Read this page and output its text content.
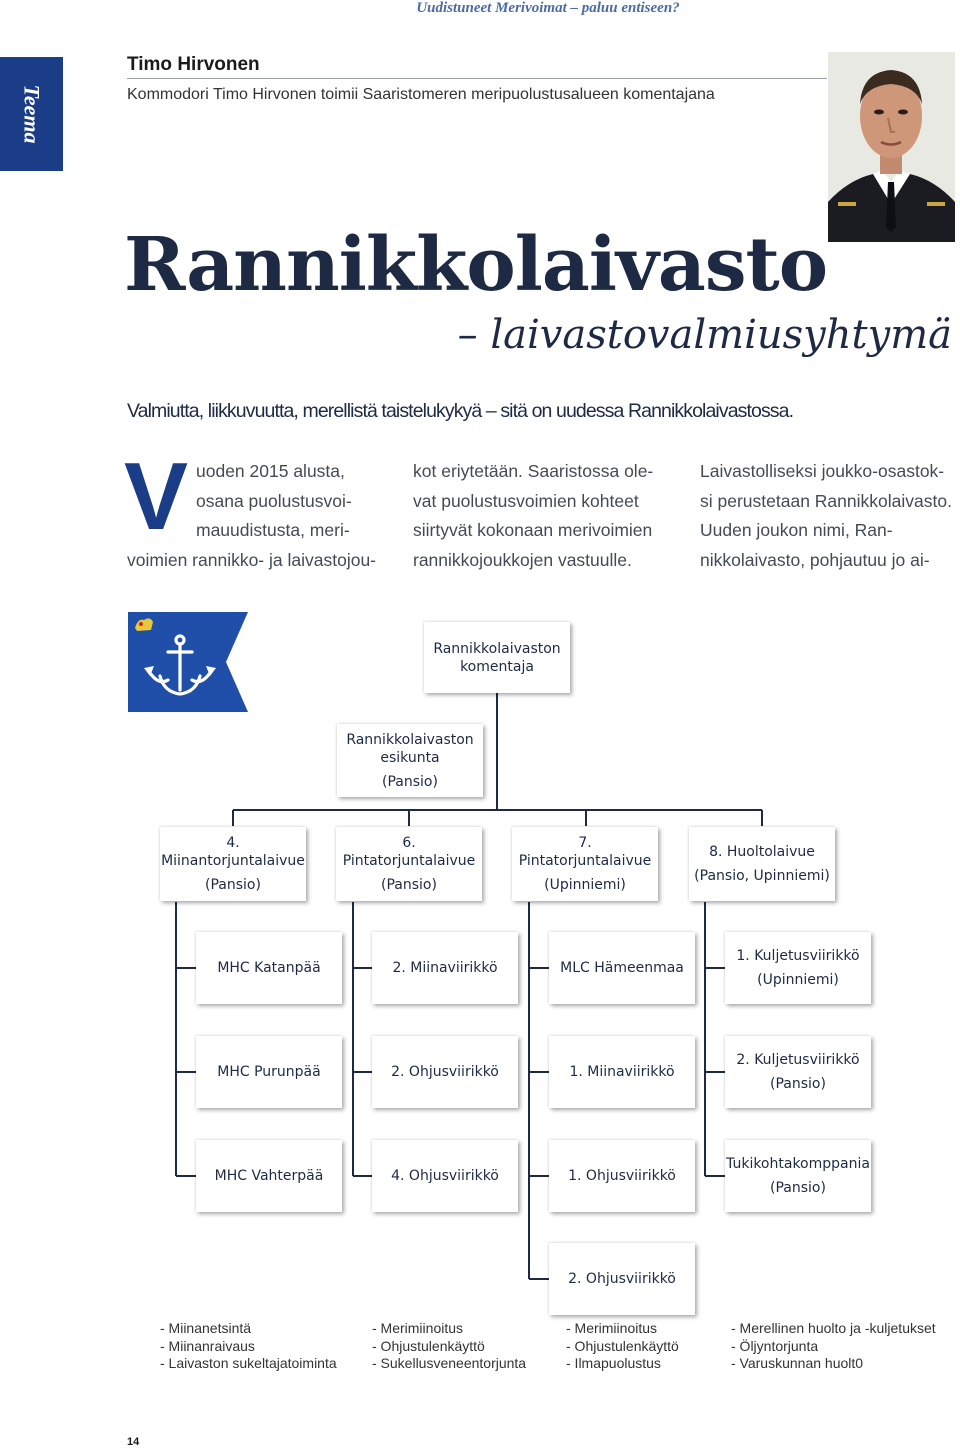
Uudistuneet Merivoimat – paluu entiseen?
Teema
Timo Hirvonen
Kommodori Timo Hirvonen toimii Saaristomeren meripuolustusalueen komentajana
Rannikkolaivasto
– laivastovalmiusyhtymä
Valmiutta, liikkuvuutta, merellistä taistelukykyä – sitä on uudessa Rannikkolaivastossa.
V uoden 2015 alusta,
osana puolustusvoi-
mauudistusta, meri-
voimien rannikko- ja laivastojou-
kot eriytetään. Saaristossa ole-
vat puolustusvoimien kohteet
siirtyvät kokonaan merivoimien
rannikkojoukkojen vastuulle.
Laivastolliseksi joukko-osastok-
si perustetaan Rannikkolaivasto.
Uuden joukon nimi, Ran-
nikkolaivasto, pohjautuu jo ai-
Rannikkolaivaston
komentaja
Rannikkolaivaston
esikunta
(Pansio)
4.
Miinantorjuntalaivue
(Pansio)
6.
Pintatorjuntalaivue
(Pansio)
7.
Pintatorjuntalaivue
(Upinniemi)
8. Huoltolaivue
(Pansio, Upinniemi)
MHC Katanpää
MHC Purunpää
MHC Vahterpää
2. Miinaviirikkö
2. Ohjusviirikkö
4. Ohjusviirikkö
MLC Hämeenmaa
1. Miinaviirikkö
1. Ohjusviirikkö
2. Ohjusviirikkö
1. Kuljetusviirikkö
(Upinniemi)
2. Kuljetusviirikkö
(Pansio)
Tukikohtakomppania
(Pansio)
- Miinanetsintä
- Miinanraivaus
- Laivaston sukeltajatoiminta
- Merimiinoitus
- Ohjustulenkäyttö
- Sukellusveneentorjunta
- Merimiinoitus
- Ohjustulenkäyttö
- Ilmapuolustus
- Merellinen huolto ja -kuljetukset
- Öljyntorjunta
- Varuskunnan huolt0
14
